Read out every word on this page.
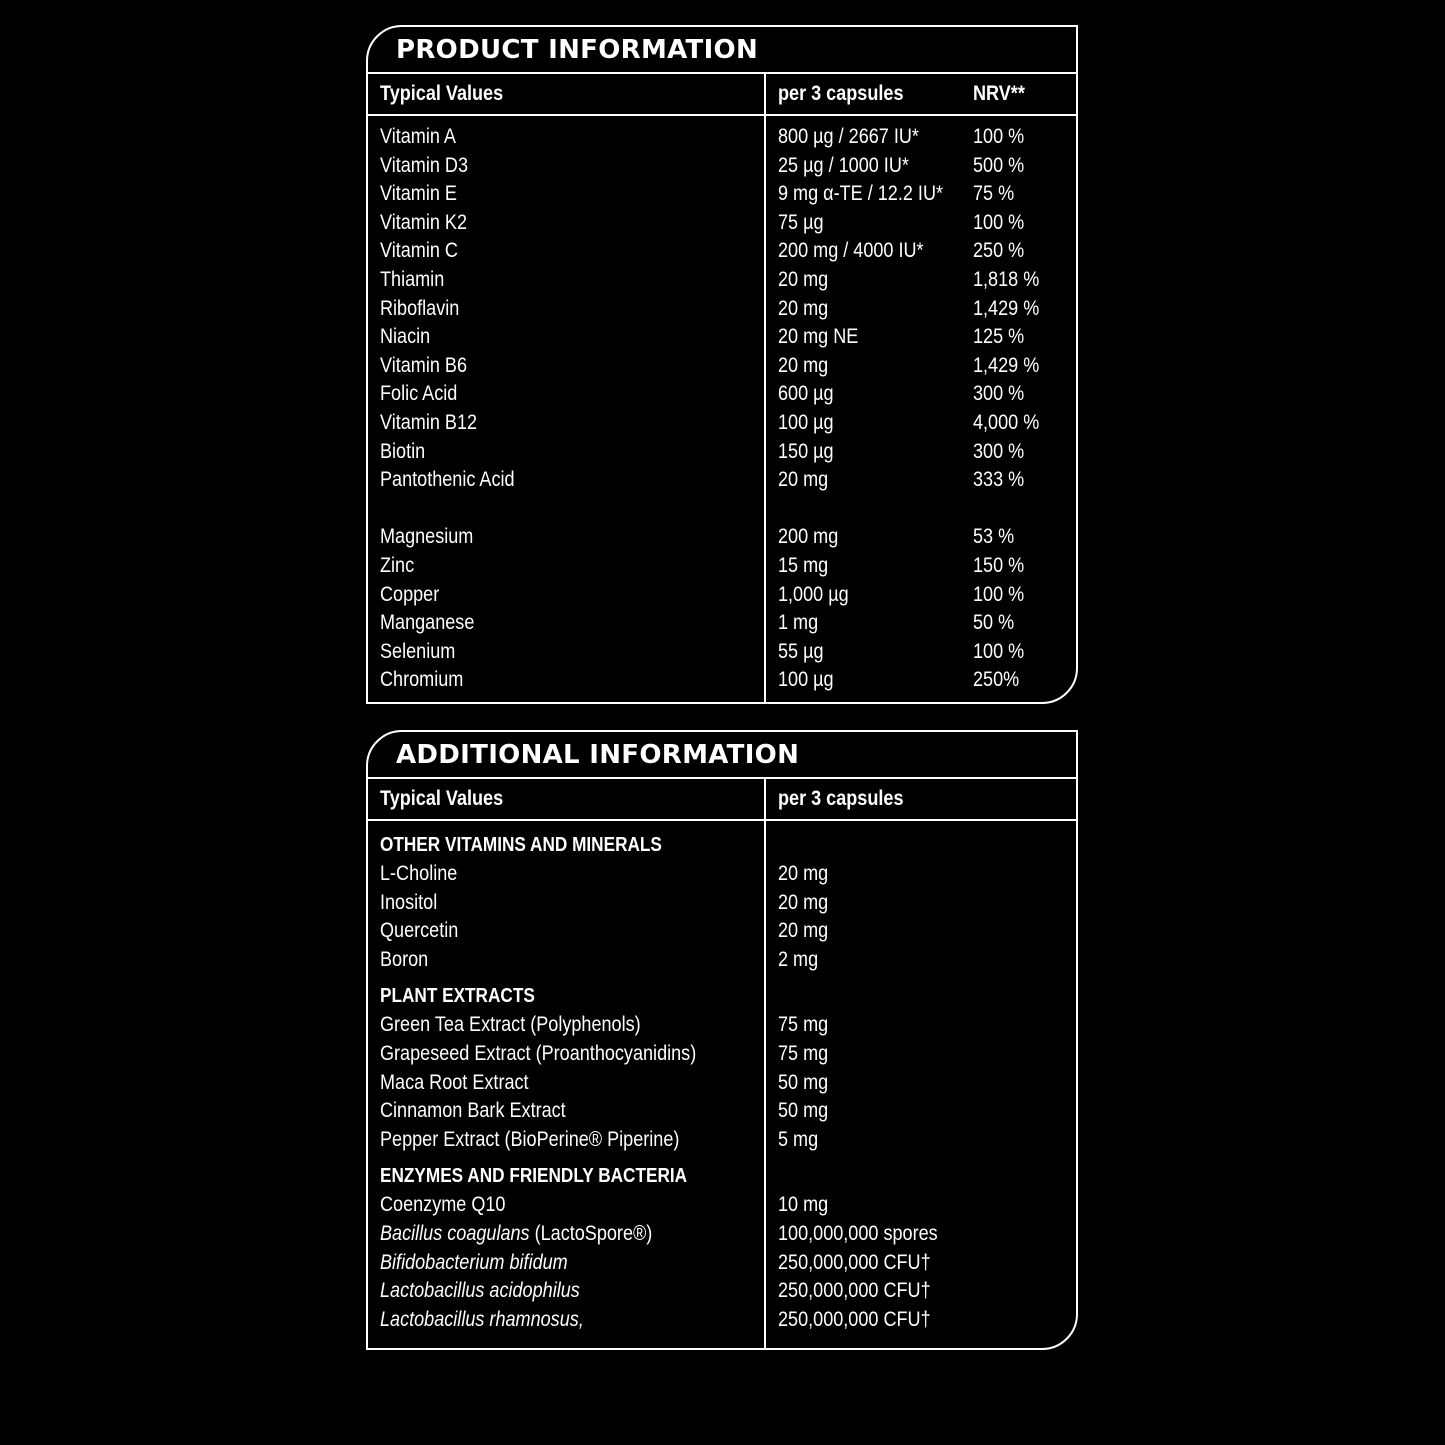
PRODUCT INFORMATION
Typical Values	per 3 capsules	NRV**
Vitamin A	800 µg / 2667 IU*	100 %
Vitamin D3	25 µg / 1000 IU*	500 %
Vitamin E	9 mg α-TE / 12.2 IU* 75 %
Vitamin K2	75 µg	100 %
Vitamin C	200 mg / 4000 IU* 250 %
Thiamin	20 mg	1,818 %
Riboflavin	20 mg	1,429 %
Niacin	20 mg NE	125 %
Vitamin B6	20 mg	1,429 %
Folic Acid	600 µg	300 %
Vitamin B12	100 µg	4,000 %
Biotin	150 µg	300 %
Pantothenic Acid	20 mg	333 %
Magnesium	200 mg	53 %
Zinc	15 mg	150 %
Copper	1,000 µg	100 %
Manganese	1 mg	50 %
Selenium	55 µg	100 %
Chromium	100 µg	250%
ADDITIONAL INFORMATION
Typical Values	per 3 capsules
OTHER VITAMINS AND MINERALS
L-Choline	20 mg
Inositol	20 mg
Quercetin	20 mg
Boron	2 mg
PLANT EXTRACTS
Green Tea Extract (Polyphenols)	75 mg
Grapeseed Extract (Proanthocyanidins)	75 mg
Maca Root Extract	50 mg
Cinnamon Bark Extract	50 mg
Pepper Extract (BioPerine® Piperine)	5 mg
ENZYMES AND FRIENDLY BACTERIA
Coenzyme Q10	10 mg
Bacillus coagulans (LactoSpore®)	100,000,000 spores
Bifidobacterium bifidum	250,000,000 CFU†
Lactobacillus acidophilus	250,000,000 CFU†
Lactobacillus rhamnosus,	250,000,000 CFU†
